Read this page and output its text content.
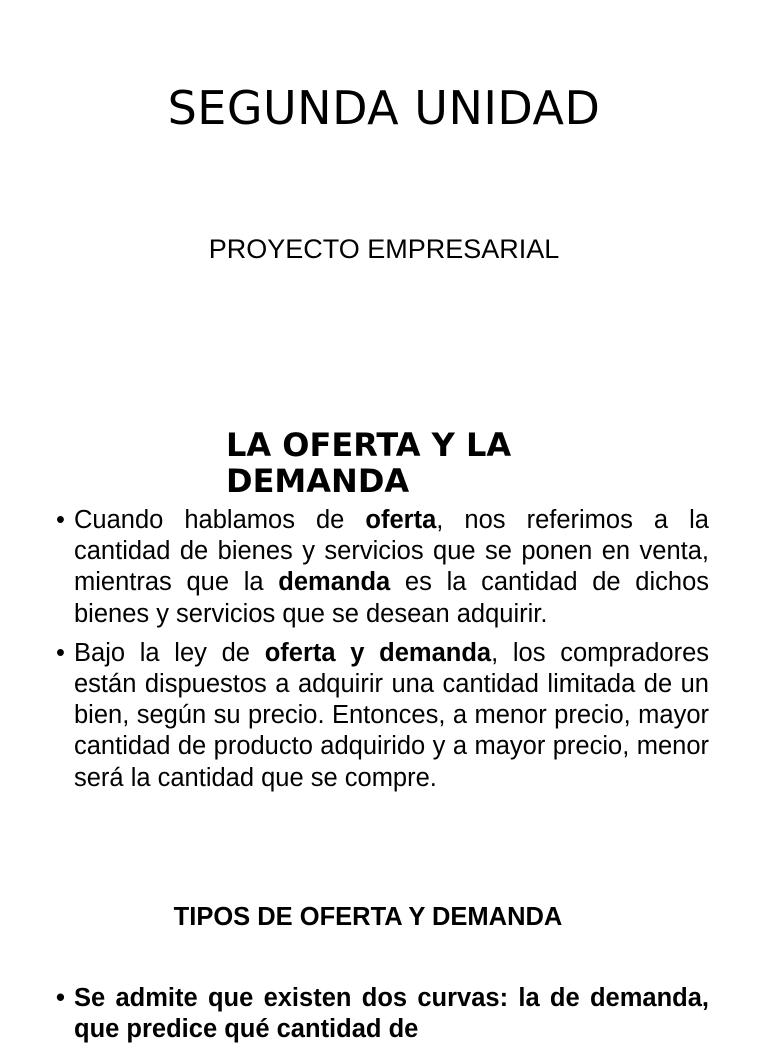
SEGUNDA UNIDAD
PROYECTO EMPRESARIAL
LA OFERTA Y LA DEMANDA
• Cuando hablamos de oferta, nos referimos a la cantidad de bienes y servicios que se ponen en venta, mientras que la demanda es la cantidad de dichos bienes y servicios que se desean adquirir.
• Bajo la ley de oferta y demanda, los compradores están dispuestos a adquirir una cantidad limitada de un bien, según su precio. Entonces, a menor precio, mayor cantidad de producto adquirido y a mayor precio, menor será la cantidad que se compre.
TIPOS DE OFERTA Y DEMANDA
• Se admite que existen dos curvas: la de demanda, que predice qué cantidad de
